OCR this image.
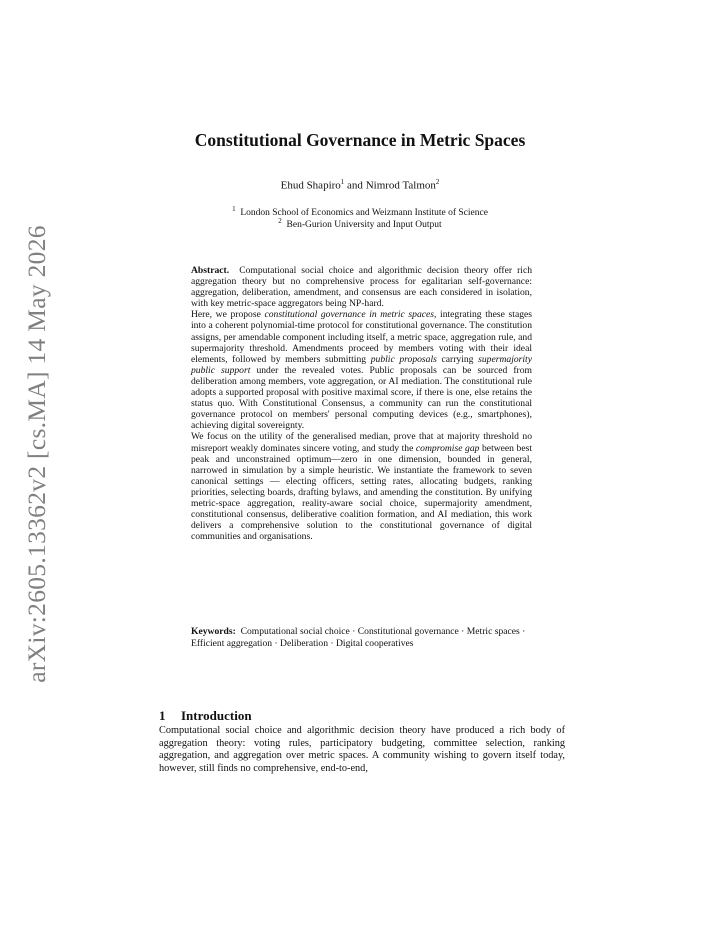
arXiv:2605.13362v2 [cs.MA] 14 May 2026
Constitutional Governance in Metric Spaces
Ehud Shapiro$^1$ and Nimrod Talmon$^2$
$^1$ London School of Economics and Weizmann Institute of Science
$^2$ Ben-Gurion University and Input Output

Abstract. Computational social choice and algorithmic decision theory offer rich aggregation theory but no comprehensive process for egalitarian self-governance: aggregation, deliberation, amendment, and consensus are each considered in isolation, with key metric-space aggregators being NP-hard.

Here, we propose constitutional governance in metric spaces, integrating these stages into a coherent polynomial-time protocol for constitutional governance. The constitution assigns, per amendable component including itself, a metric space, aggregation rule, and supermajority threshold. Amendments proceed by members voting with their ideal elements, followed by members submitting public proposals carrying supermajority public support under the revealed votes. Public proposals can be sourced from deliberation among members, vote aggregation, or AI mediation. The constitutional rule adopts a supported proposal with positive maximal score, if there is one, else retains the status quo. With Constitutional Consensus, a community can run the constitutional governance protocol on members' personal computing devices (e.g., smartphones), achieving digital sovereignty.

We focus on the utility of the generalised median, prove that at majority threshold no misreport weakly dominates sincere voting, and study the compromise gap between best peak and unconstrained optimum—zero in one dimension, bounded in general, narrowed in simulation by a simple heuristic. We instantiate the framework to seven canonical settings — electing officers, setting rates, allocating budgets, ranking priorities, selecting boards, drafting bylaws, and amending the constitution. By unifying metric-space aggregation, reality-aware social choice, supermajority amendment, constitutional consensus, deliberative coalition formation, and AI mediation, this work delivers a comprehensive solution to the constitutional governance of digital communities and organisations.

Keywords: Computational social choice · Constitutional governance · Metric spaces · Efficient aggregation · Deliberation · Digital cooperatives
1 Introduction

Computational social choice and algorithmic decision theory have produced a rich body of aggregation theory: voting rules, participatory budgeting, committee selection, ranking aggregation, and aggregation over metric spaces. A community wishing to govern itself today, however, still finds no comprehensive, end-to-end,
